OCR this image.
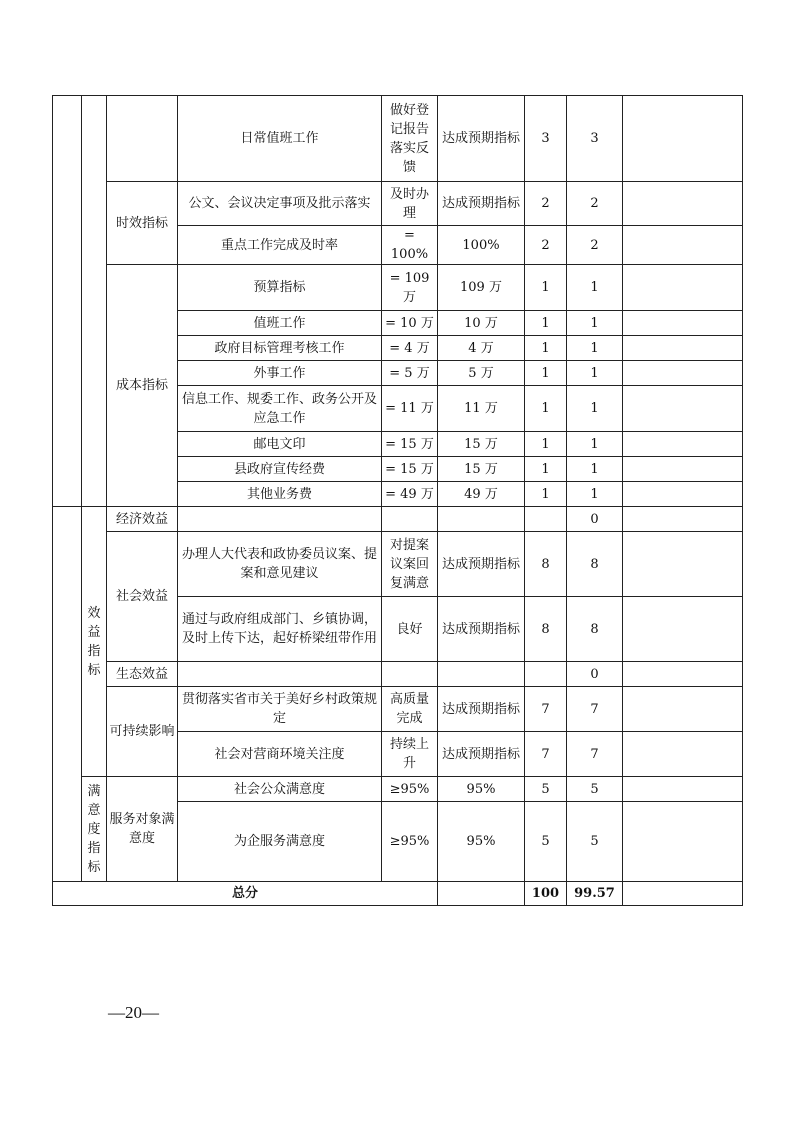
			日常值班工作	做好登记报告落实反馈	达成预期指标	3	3	
		时效指标	公文、会议决定事项及批示落实	及时办理	达成预期指标	2	2	
			重点工作完成及时率	= 100%	100%	2	2	
		成本指标	预算指标	= 109 万	109 万	1	1	
			值班工作	= 10 万	10 万	1	1	
			政府目标管理考核工作	= 4 万	4 万	1	1	
			外事工作	= 5 万	5 万	1	1	
			信息工作、规委工作、政务公开及应急工作	= 11 万	11 万	1	1	
			邮电文印	= 15 万	15 万	1	1	
			县政府宣传经费	= 15 万	15 万	1	1	
			其他业务费	= 49 万	49 万	1	1	
	效益指标	经济效益					0	
		社会效益	办理人大代表和政协委员议案、提案和意见建议	对提案议案回复满意	达成预期指标	8	8	
			通过与政府组成部门、乡镇协调，及时上传下达，起好桥梁纽带作用	良好	达成预期指标	8	8	
		生态效益					0	
		可持续影响	贯彻落实省市关于美好乡村政策规定	高质量完成	达成预期指标	7	7	
			社会对营商环境关注度	持续上升	达成预期指标	7	7	
	满意度指标	服务对象满意度	社会公众满意度	≥95%	95%	5	5	
			为企服务满意度	≥95%	95%	5	5	
总分						100	99.57	
—20—
